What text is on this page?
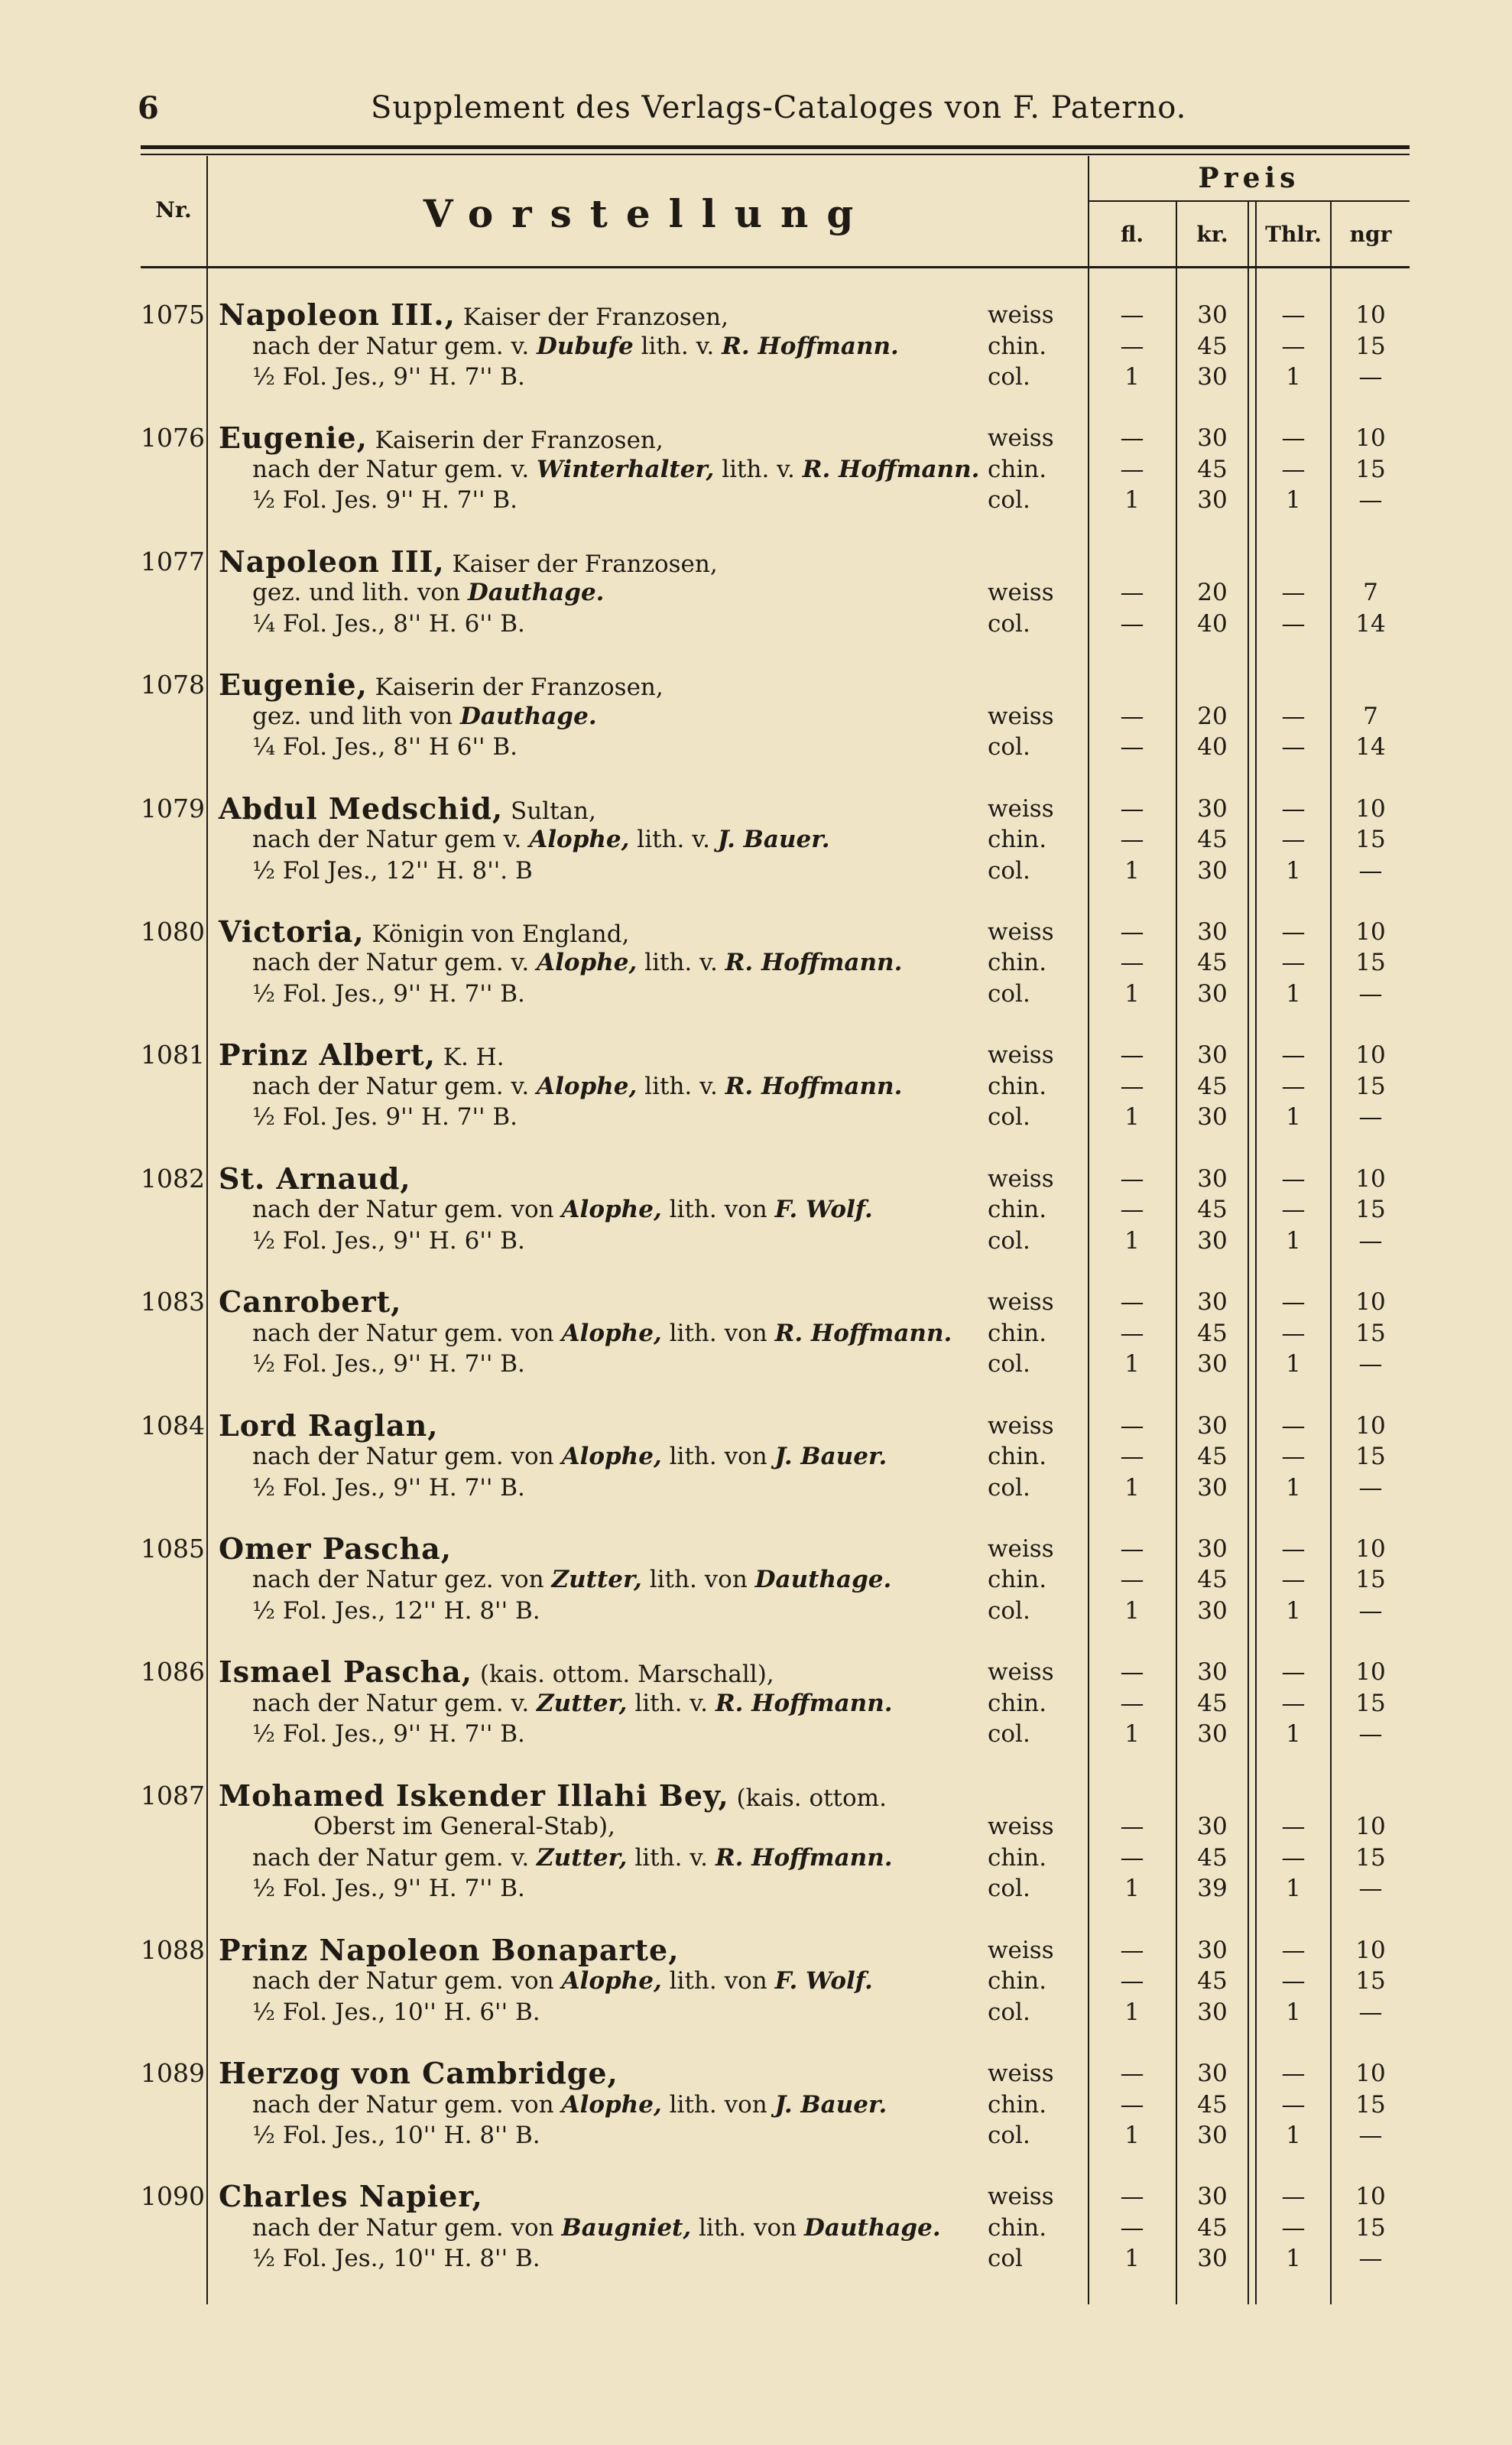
6	Supplement des Verlags-Cataloges von F. Paterno.
Nr.	Vorstellung
Preis
fl.	kr.	Thlr.	ngr
1075 Napoleon III., Kaiser der Franzosen,	weiss	—	30	—	10
nach der Natur gem. v. Dubufe lith. v. R. Hoffmann.	chin.	—	45	—	15
½ Fol. Jes., 9'' H. 7'' B.	col.	1	30	1	—
1076 Eugenie, Kaiserin der Franzosen,	weiss	—	30	—	10
nach der Natur gem. v. Winterhalter, lith. v. R. Hoffmann. chin.	—	45	—	15
½ Fol. Jes. 9'' H. 7'' B.	col.	1	30	1	—
1077 Napoleon III, Kaiser der Franzosen,
gez. und lith. von Dauthage.	weiss	—	20	—	7
¼ Fol. Jes., 8'' H. 6'' B.	col.	—	40	—	14
1078 Eugenie, Kaiserin der Franzosen,
gez. und lith von Dauthage.	weiss	—	20	—	7
¼ Fol. Jes., 8'' H 6'' B.	col.	—	40	—	14
1079 Abdul Medschid, Sultan,	weiss	—	30	—	10
nach der Natur gem v. Alophe, lith. v. J. Bauer.	chin.	—	45	—	15
½ Fol Jes., 12'' H. 8''. B	col.	1	30	1	—
1080 Victoria, Königin von England,	weiss	—	30	—	10
nach der Natur gem. v. Alophe, lith. v. R. Hoffmann.	chin.	—	45	—	15
½ Fol. Jes., 9'' H. 7'' B.	col.	1	30	1	—
1081 Prinz Albert, K. H.	weiss	—	30	—	10
nach der Natur gem. v. Alophe, lith. v. R. Hoffmann.	chin.	—	45	—	15
½ Fol. Jes. 9'' H. 7'' B.	col.	1	30	1	—
1082 St. Arnaud,	weiss	—	30	—	10
nach der Natur gem. von Alophe, lith. von F. Wolf.	chin.	—	45	—	15
½ Fol. Jes., 9'' H. 6'' B.	col.	1	30	1	—
1083 Canrobert,	weiss	—	30	—	10
nach der Natur gem. von Alophe, lith. von R. Hoffmann.	chin.	—	45	—	15
½ Fol. Jes., 9'' H. 7'' B.	col.	1	30	1	—
1084 Lord Raglan,	weiss	—	30	—	10
nach der Natur gem. von Alophe, lith. von J. Bauer.	chin.	—	45	—	15
½ Fol. Jes., 9'' H. 7'' B.	col.	1	30	1	—
1085 Omer Pascha,	weiss	—	30	—	10
nach der Natur gez. von Zutter, lith. von Dauthage.	chin.	—	45	—	15
½ Fol. Jes., 12'' H. 8'' B.	col.	1	30	1	—
1086 Ismael Pascha, (kais. ottom. Marschall),	weiss	—	30	—	10
nach der Natur gem. v. Zutter, lith. v. R. Hoffmann.	chin.	—	45	—	15
½ Fol. Jes., 9'' H. 7'' B.	col.	1	30	1	—
1087 Mohamed Iskender Illahi Bey, (kais. ottom.
Oberst im General-Stab),	weiss	—	30	—	10
nach der Natur gem. v. Zutter, lith. v. R. Hoffmann.	chin.	—	45	—	15
½ Fol. Jes., 9'' H. 7'' B.	col.	1	39	1	—
1088 Prinz Napoleon Bonaparte,	weiss	—	30	—	10
nach der Natur gem. von Alophe, lith. von F. Wolf.	chin.	—	45	—	15
½ Fol. Jes., 10'' H. 6'' B.	col.	1	30	1	—
1089 Herzog von Cambridge,	weiss	—	30	—	10
nach der Natur gem. von Alophe, lith. von J. Bauer.	chin.	—	45	—	15
½ Fol. Jes., 10'' H. 8'' B.	col.	1	30	1	—
1090 Charles Napier,	weiss	—	30	—	10
nach der Natur gem. von Baugniet, lith. von Dauthage.	chin.	—	45	—	15
½ Fol. Jes., 10'' H. 8'' B.	col	1	30	1	—
